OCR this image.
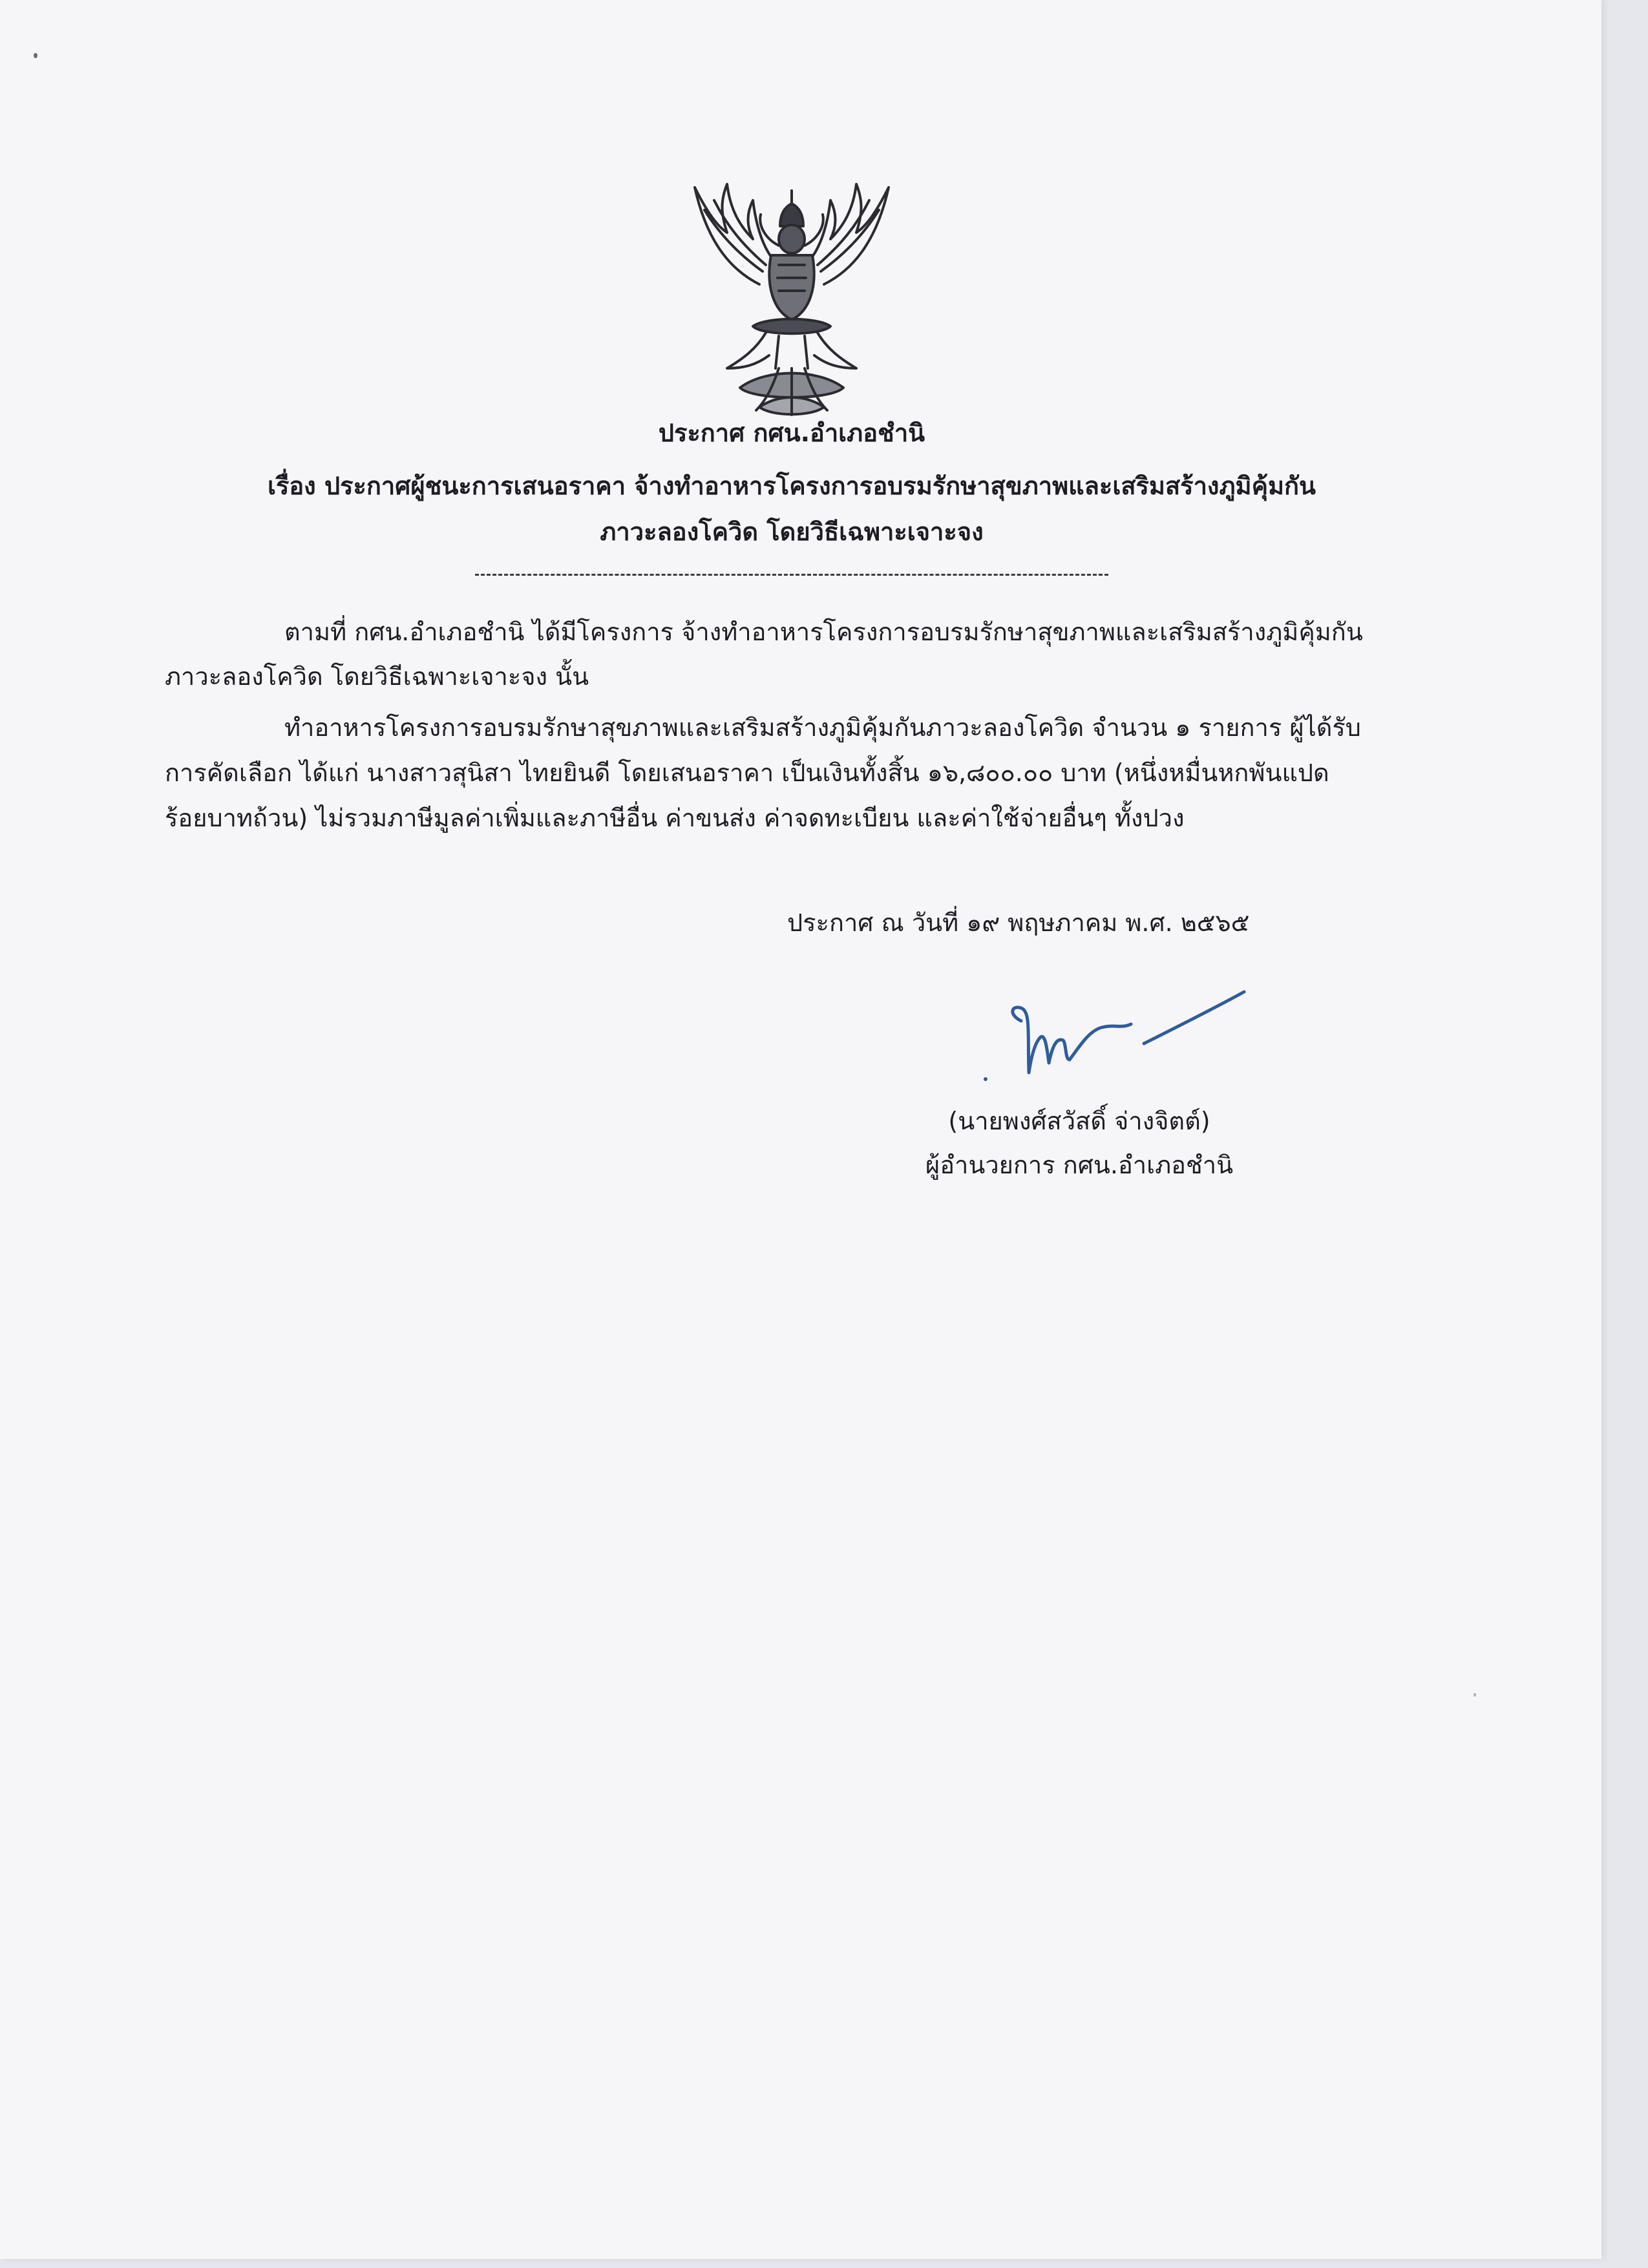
ประกาศ กศน.อำเภอชำนิ
เรื่อง ประกาศผู้ชนะการเสนอราคา จ้างทำอาหารโครงการอบรมรักษาสุขภาพและเสริมสร้างภูมิคุ้มกัน
ภาวะลองโควิด โดยวิธีเฉพาะเจาะจง
ตามที่ กศน.อำเภอชำนิ ได้มีโครงการ จ้างทำอาหารโครงการอบรมรักษาสุขภาพและเสริมสร้างภูมิคุ้มกัน
ภาวะลองโควิด โดยวิธีเฉพาะเจาะจง นั้น
ทำอาหารโครงการอบรมรักษาสุขภาพและเสริมสร้างภูมิคุ้มกันภาวะลองโควิด จำนวน ๑ รายการ ผู้ได้รับ
การคัดเลือก ได้แก่ นางสาวสุนิสา ไทยยินดี โดยเสนอราคา เป็นเงินทั้งสิ้น ๑๖,๘๐๐.๐๐ บาท (หนึ่งหมื่นหกพันแปด
ร้อยบาทถ้วน) ไม่รวมภาษีมูลค่าเพิ่มและภาษีอื่น ค่าขนส่ง ค่าจดทะเบียน และค่าใช้จ่ายอื่นๆ ทั้งปวง
ประกาศ ณ วันที่ ๑๙ พฤษภาคม พ.ศ. ๒๕๖๕
(นายพงศ์สวัสดิ์ จ่างจิตต์)
ผู้อำนวยการ กศน.อำเภอชำนิ
